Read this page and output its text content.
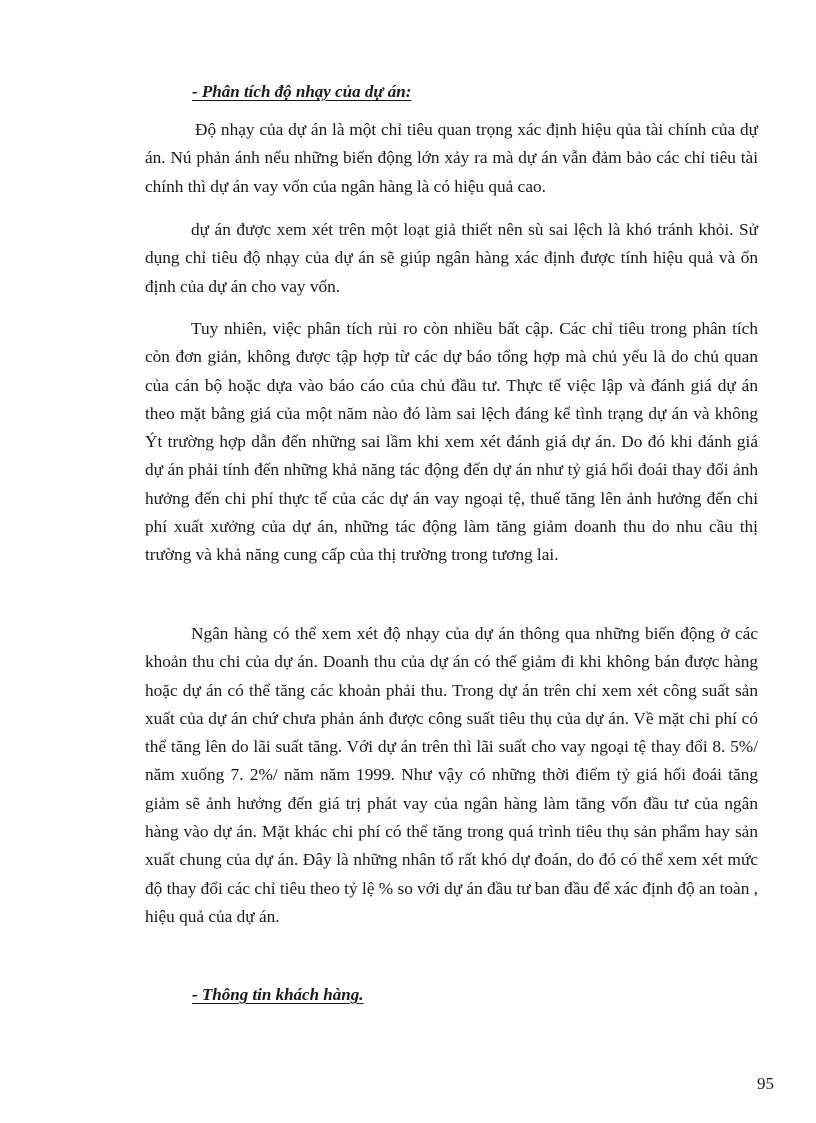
- Phân tích độ nhạy của dự án:

Độ nhạy của dự án là một chỉ tiêu quan trọng xác định hiệu qủa tài chính của dự án. Nú phản ánh nếu những biến động lớn xảy ra mà dự án vẫn đảm bảo các chỉ tiêu tài chính thì dự án vay vốn của ngân hàng là có hiệu quả cao.

dự án được xem xét trên một loạt giả thiết nên sù sai lệch là khó tránh khỏi. Sử dụng chỉ tiêu độ nhạy của dự án sẽ giúp ngân hàng xác định được tính hiệu quả và ổn định của dự án cho vay vốn.

Tuy nhiên, việc phân tích rủi ro còn nhiều bất cập. Các chỉ tiêu trong phân tích còn đơn giản, không được tập hợp từ các dự báo tổng hợp mà chủ yếu là do chủ quan của cán bộ hoặc dựa vào báo cáo của chủ đầu tư. Thực tế việc lập và đánh giá dự án theo mặt bằng giá của một năm nào đó làm sai lệch đáng kể tình trạng dự án và không Ýt trường hợp dẫn đến những sai lầm khi xem xét đánh giá dự án. Do đó khi đánh giá dự án phải tính đến những khả năng tác động đến dự án như tỷ giá hối đoái thay đổi ảnh hưởng đến chi phí thực tế của các dự án vay ngoại tệ, thuế tăng lên ảnh hưởng đến chi phí xuất xưởng của dự án, những tác động làm tăng giảm doanh thu do nhu cầu thị trường và khả năng cung cấp của thị trường trong tương lai.

Ngân hàng có thể xem xét độ nhạy của dự án thông qua những biến động ở các khoản thu chi của dự án. Doanh thu của dự án có thể giảm đi khi không bán được hàng hoặc dự án có thể tăng các khoản phải thu. Trong dự án trên chỉ xem xét công suất sản xuất của dự án chứ chưa phản ánh được công suất tiêu thụ của dự án. Về mặt chi phí có thể tăng lên do lãi suất tăng. Với dự án trên thì lãi suất cho vay ngoại tệ thay đổi 8. 5%/ năm xuống 7. 2%/ năm năm 1999. Như vậy có những thời điểm tỷ giá hối đoái tăng giảm sẽ ảnh hưởng đến giá trị phát vay của ngân hàng làm tăng vốn đầu tư của ngân hàng vào dự án. Mặt khác chi phí có thể tăng trong quá trình tiêu thụ sản phẩm hay sản xuất chung của dự án. Đây là những nhân tố rất khó dự đoán, do đó có thể xem xét mức độ thay đổi các chỉ tiêu theo tỷ lệ % so với dự án đầu tư ban đầu để xác định độ an toàn , hiệu quả của dự án.

- Thông tin khách hàng.
95
